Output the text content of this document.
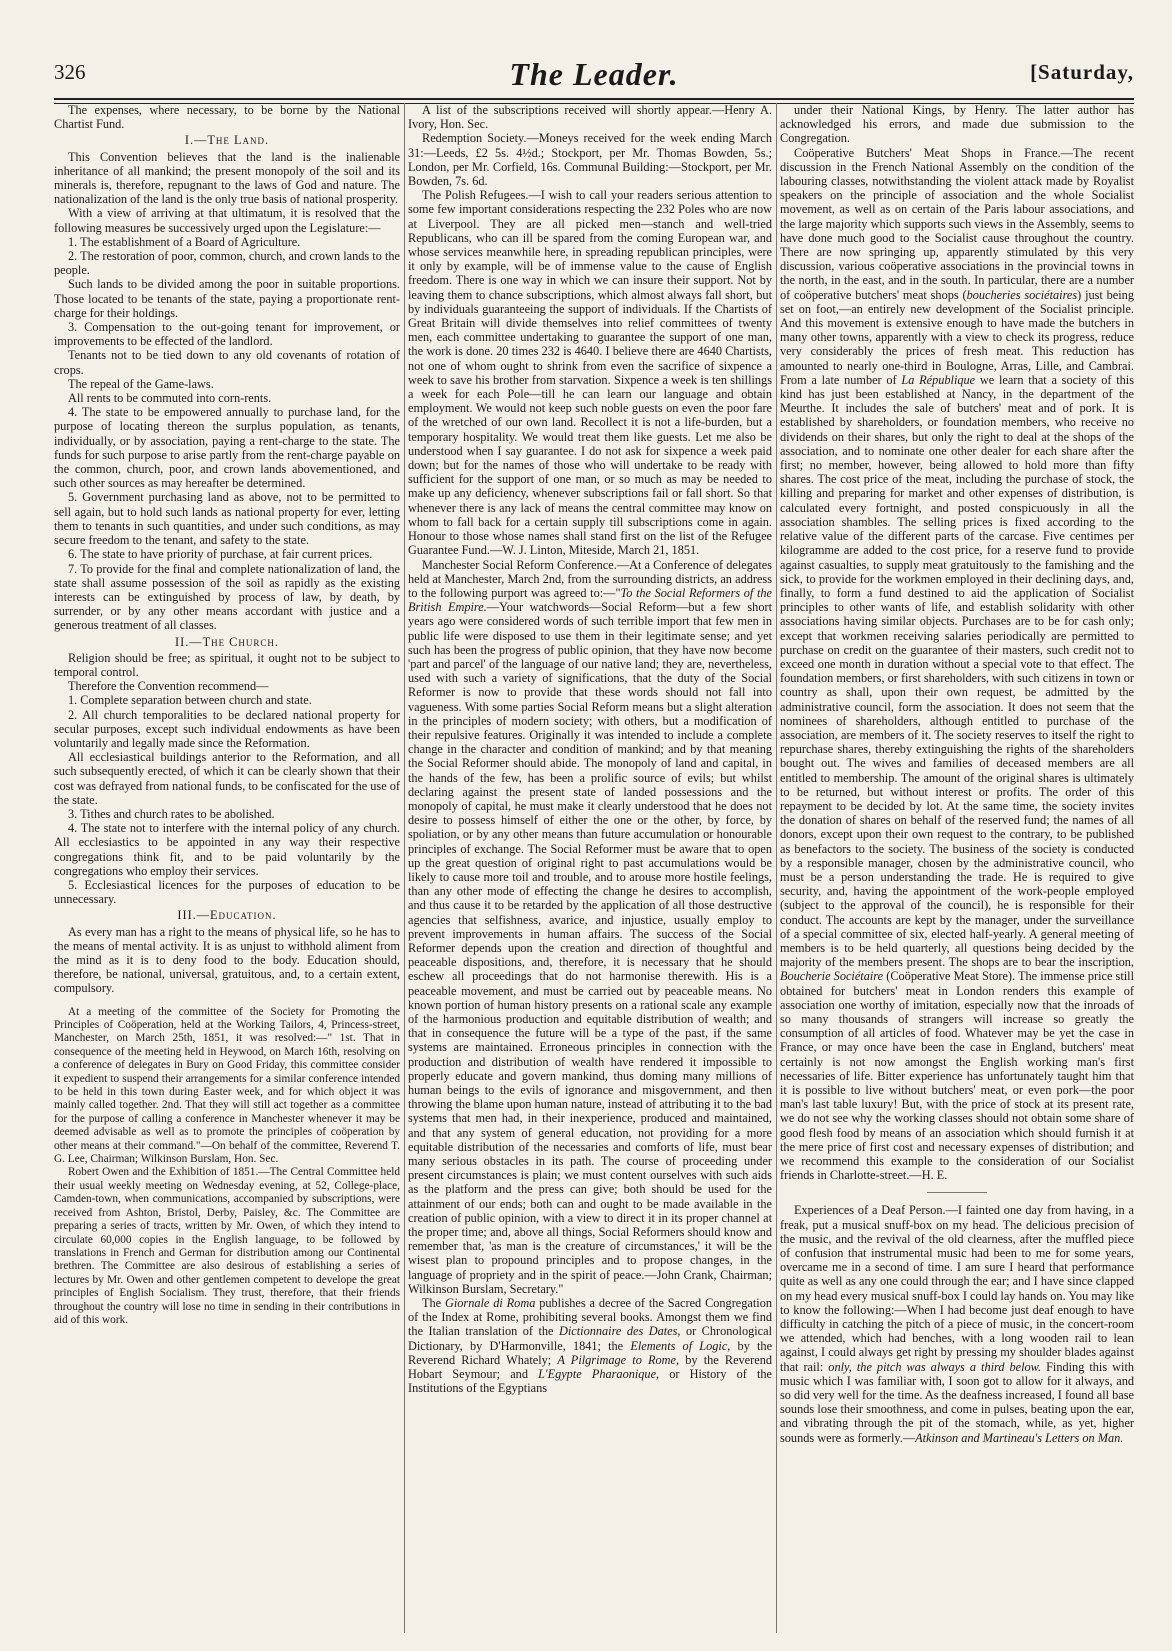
326	The Leader.	[Saturday,

The expenses, where necessary, to be borne by the National Chartist Fund.

I.—The Land.

This Convention believes that the land is the inalienable inheritance of all mankind; the present monopoly of the soil and its minerals is, therefore, repugnant to the laws of God and nature. The nationalization of the land is the only true basis of national prosperity.

With a view of arriving at that ultimatum, it is resolved that the following measures be successively urged upon the Legislature:—

1. The establishment of a Board of Agriculture.

2. The restoration of poor, common, church, and crown lands to the people.

Such lands to be divided among the poor in suitable proportions. Those located to be tenants of the state, paying a proportionate rent-charge for their holdings.

3. Compensation to the out-going tenant for improvement, or improvements to be effected of the landlord.

Tenants not to be tied down to any old covenants of rotation of crops.

The repeal of the Game-laws.

All rents to be commuted into corn-rents.

4. The state to be empowered annually to purchase land, for the purpose of locating thereon the surplus population, as tenants, individually, or by association, paying a rent-charge to the state. The funds for such purpose to arise partly from the rent-charge payable on the common, church, poor, and crown lands abovementioned, and such other sources as may hereafter be determined.

5. Government purchasing land as above, not to be permitted to sell again, but to hold such lands as national property for ever, letting them to tenants in such quantities, and under such conditions, as may secure freedom to the tenant, and safety to the state.

6. The state to have priority of purchase, at fair current prices.

7. To provide for the final and complete nationalization of land, the state shall assume possession of the soil as rapidly as the existing interests can be extinguished by process of law, by death, by surrender, or by any other means accordant with justice and a generous treatment of all classes.

II.—The Church.

Religion should be free; as spiritual, it ought not to be subject to temporal control.

Therefore the Convention recommend—

1. Complete separation between church and state.

2. All church temporalities to be declared national property for secular purposes, except such individual endowments as have been voluntarily and legally made since the Reformation.

All ecclesiastical buildings anterior to the Reformation, and all such subsequently erected, of which it can be clearly shown that their cost was defrayed from national funds, to be confiscated for the use of the state.

3. Tithes and church rates to be abolished.

4. The state not to interfere with the internal policy of any church. All ecclesiastics to be appointed in any way their respective congregations think fit, and to be paid voluntarily by the congregations who employ their services.

5. Ecclesiastical licences for the purposes of education to be unnecessary.

III.—Education.

As every man has a right to the means of physical life, so he has to the means of mental activity. It is as unjust to withhold aliment from the mind as it is to deny food to the body. Education should, therefore, be national, universal, gratuitous, and, to a certain extent, compulsory.

At a meeting of the committee of the Society for Promoting the Principles of Coöperation, held at the Working Tailors, 4, Princess-street, Manchester, on March 25th, 1851, it was resolved:—" 1st. That in consequence of the meeting held in Heywood, on March 16th, resolving on a conference of delegates in Bury on Good Friday, this committee consider it expedient to suspend their arrangements for a similar conference intended to be held in this town during Easter week, and for which object it was mainly called together. 2nd. That they will still act together as a committee for the purpose of calling a conference in Manchester whenever it may be deemed advisable as well as to promote the principles of coöperation by other means at their command."—On behalf of the committee, Reverend T. G. Lee, Chairman; Wilkinson Burslam, Hon. Sec.

Robert Owen and the Exhibition of 1851.—The Central Committee held their usual weekly meeting on Wednesday evening, at 52, College-place, Camden-town, when communications, accompanied by subscriptions, were received from Ashton, Bristol, Derby, Paisley, &c. The Committee are preparing a series of tracts, written by Mr. Owen, of which they intend to circulate 60,000 copies in the English language, to be followed by translations in French and German for distribution among our Continental brethren. The Committee are also desirous of establishing a series of lectures by Mr. Owen and other gentlemen competent to develope the great principles of English Socialism. They trust, therefore, that their friends throughout the country will lose no time in sending in their contributions in aid of this work.

A list of the subscriptions received will shortly appear.—Henry A. Ivory, Hon. Sec.

Redemption Society.—Moneys received for the week ending March 31:—Leeds, £2 5s. 4½d.; Stockport, per Mr. Thomas Bowden, 5s.; London, per Mr. Corfield, 16s. Communal Building:—Stockport, per Mr. Bowden, 7s. 6d.

The Polish Refugees.—I wish to call your readers serious attention to some few important considerations respecting the 232 Poles who are now at Liverpool. They are all picked men—stanch and well-tried Republicans, who can ill be spared from the coming European war, and whose services meanwhile here, in spreading republican principles, were it only by example, will be of immense value to the cause of English freedom. There is one way in which we can insure their support. Not by leaving them to chance subscriptions, which almost always fall short, but by individuals guaranteeing the support of individuals. If the Chartists of Great Britain will divide themselves into relief committees of twenty men, each committee undertaking to guarantee the support of one man, the work is done. 20 times 232 is 4640. I believe there are 4640 Chartists, not one of whom ought to shrink from even the sacrifice of sixpence a week to save his brother from starvation. Sixpence a week is ten shillings a week for each Pole—till he can learn our language and obtain employment. We would not keep such noble guests on even the poor fare of the wretched of our own land. Recollect it is not a life-burden, but a temporary hospitality. We would treat them like guests. Let me also be understood when I say guarantee. I do not ask for sixpence a week paid down; but for the names of those who will undertake to be ready with sufficient for the support of one man, or so much as may be needed to make up any deficiency, whenever subscriptions fail or fall short. So that whenever there is any lack of means the central committee may know on whom to fall back for a certain supply till subscriptions come in again. Honour to those whose names shall stand first on the list of the Refugee Guarantee Fund.—W. J. Linton, Miteside, March 21, 1851.

Manchester Social Reform Conference.—At a Conference of delegates held at Manchester, March 2nd, from the surrounding districts, an address to the following purport was agreed to:—"To the Social Reformers of the British Empire.—Your watchwords—Social Reform—but a few short years ago were considered words of such terrible import that few men in public life were disposed to use them in their legitimate sense; and yet such has been the progress of public opinion, that they have now become 'part and parcel' of the language of our native land; they are, nevertheless, used with such a variety of significations, that the duty of the Social Reformer is now to provide that these words should not fall into vagueness. With some parties Social Reform means but a slight alteration in the principles of modern society; with others, but a modification of their repulsive features. Originally it was intended to include a complete change in the character and condition of mankind; and by that meaning the Social Reformer should abide. The monopoly of land and capital, in the hands of the few, has been a prolific source of evils; but whilst declaring against the present state of landed possessions and the monopoly of capital, he must make it clearly understood that he does not desire to possess himself of either the one or the other, by force, by spoliation, or by any other means than future accumulation or honourable principles of exchange. The Social Reformer must be aware that to open up the great question of original right to past accumulations would be likely to cause more toil and trouble, and to arouse more hostile feelings, than any other mode of effecting the change he desires to accomplish, and thus cause it to be retarded by the application of all those destructive agencies that selfishness, avarice, and injustice, usually employ to prevent improvements in human affairs. The success of the Social Reformer depends upon the creation and direction of thoughtful and peaceable dispositions, and, therefore, it is necessary that he should eschew all proceedings that do not harmonise therewith. His is a peaceable movement, and must be carried out by peaceable means. No known portion of human history presents on a rational scale any example of the harmonious production and equitable distribution of wealth; and that in consequence the future will be a type of the past, if the same systems are maintained. Erroneous principles in connection with the production and distribution of wealth have rendered it impossible to properly educate and govern mankind, thus doming many millions of human beings to the evils of ignorance and misgovernment, and then throwing the blame upon human nature, instead of attributing it to the bad systems that men had, in their inexperience, produced and maintained, and that any system of general education, not providing for a more equitable distribution of the necessaries and comforts of life, must bear many serious obstacles in its path. The course of proceeding under present circumstances is plain; we must content ourselves with such aids as the platform and the press can give; both should be used for the attainment of our ends; both can and ought to be made available in the creation of public opinion, with a view to direct it in its proper channel at the proper time; and, above all things, Social Reformers should know and remember that, 'as man is the creature of circumstances,' it will be the wisest plan to propound principles and to propose changes, in the language of propriety and in the spirit of peace.—John Crank, Chairman; Wilkinson Burslam, Secretary."

The Giornale di Roma publishes a decree of the Sacred Congregation of the Index at Rome, prohibiting several books. Amongst them we find the Italian translation of the Dictionnaire des Dates, or Chronological Dictionary, by D'Harmonville, 1841; the Elements of Logic, by the Reverend Richard Whately; A Pilgrimage to Rome, by the Reverend Hobart Seymour; and L'Egypte Pharaonique, or History of the Institutions of the Egyptians

under their National Kings, by Henry. The latter author has acknowledged his errors, and made due submission to the Congregation.

Coöperative Butchers' Meat Shops in France.—The recent discussion in the French National Assembly on the condition of the labouring classes, notwithstanding the violent attack made by Royalist speakers on the principle of association and the whole Socialist movement, as well as on certain of the Paris labour associations, and the large majority which supports such views in the Assembly, seems to have done much good to the Socialist cause throughout the country. There are now springing up, apparently stimulated by this very discussion, various coöperative associations in the provincial towns in the north, in the east, and in the south. In particular, there are a number of coöperative butchers' meat shops (boucheries sociétaires) just being set on foot,—an entirely new development of the Socialist principle. And this movement is extensive enough to have made the butchers in many other towns, apparently with a view to check its progress, reduce very considerably the prices of fresh meat. This reduction has amounted to nearly one-third in Boulogne, Arras, Lille, and Cambrai. From a late number of La République we learn that a society of this kind has just been established at Nancy, in the department of the Meurthe. It includes the sale of butchers' meat and of pork. It is established by shareholders, or foundation members, who receive no dividends on their shares, but only the right to deal at the shops of the association, and to nominate one other dealer for each share after the first; no member, however, being allowed to hold more than fifty shares. The cost price of the meat, including the purchase of stock, the killing and preparing for market and other expenses of distribution, is calculated every fortnight, and posted conspicuously in all the association shambles. The selling prices is fixed according to the relative value of the different parts of the carcase. Five centimes per kilogramme are added to the cost price, for a reserve fund to provide against casualties, to supply meat gratuitously to the famishing and the sick, to provide for the workmen employed in their declining days, and, finally, to form a fund destined to aid the application of Socialist principles to other wants of life, and establish solidarity with other associations having similar objects. Purchases are to be for cash only; except that workmen receiving salaries periodically are permitted to purchase on credit on the guarantee of their masters, such credit not to exceed one month in duration without a special vote to that effect. The foundation members, or first shareholders, with such citizens in town or country as shall, upon their own request, be admitted by the administrative council, form the association. It does not seem that the nominees of shareholders, although entitled to purchase of the association, are members of it. The society reserves to itself the right to repurchase shares, thereby extinguishing the rights of the shareholders bought out. The wives and families of deceased members are all entitled to membership. The amount of the original shares is ultimately to be returned, but without interest or profits. The order of this repayment to be decided by lot. At the same time, the society invites the donation of shares on behalf of the reserved fund; the names of all donors, except upon their own request to the contrary, to be published as benefactors to the society. The business of the society is conducted by a responsible manager, chosen by the administrative council, who must be a person understanding the trade. He is required to give security, and, having the appointment of the work-people employed (subject to the approval of the council), he is responsible for their conduct. The accounts are kept by the manager, under the surveillance of a special committee of six, elected half-yearly. A general meeting of members is to be held quarterly, all questions being decided by the majority of the members present. The shops are to bear the inscription, Boucherie Sociétaire (Coöperative Meat Store). The immense price still obtained for butchers' meat in London renders this example of association one worthy of imitation, especially now that the inroads of so many thousands of strangers will increase so greatly the consumption of all articles of food. Whatever may be yet the case in France, or may once have been the case in England, butchers' meat certainly is not now amongst the English working man's first necessaries of life. Bitter experience has unfortunately taught him that it is possible to live without butchers' meat, or even pork—the poor man's last table luxury! But, with the price of stock at its present rate, we do not see why the working classes should not obtain some share of good flesh food by means of an association which should furnish it at the mere price of first cost and necessary expenses of distribution; and we recommend this example to the consideration of our Socialist friends in Charlotte-street.—H. E.

Experiences of a Deaf Person.—I fainted one day from having, in a freak, put a musical snuff-box on my head. The delicious precision of the music, and the revival of the old clearness, after the muffled piece of confusion that instrumental music had been to me for some years, overcame me in a second of time. I am sure I heard that performance quite as well as any one could through the ear; and I have since clapped on my head every musical snuff-box I could lay hands on. You may like to know the following:—When I had become just deaf enough to have difficulty in catching the pitch of a piece of music, in the concert-room we attended, which had benches, with a long wooden rail to lean against, I could always get right by pressing my shoulder blades against that rail: only, the pitch was always a third below. Finding this with music which I was familiar with, I soon got to allow for it always, and so did very well for the time. As the deafness increased, I found all base sounds lose their smoothness, and come in pulses, beating upon the ear, and vibrating through the pit of the stomach, while, as yet, higher sounds were as formerly.—Atkinson and Martineau's Letters on Man.
